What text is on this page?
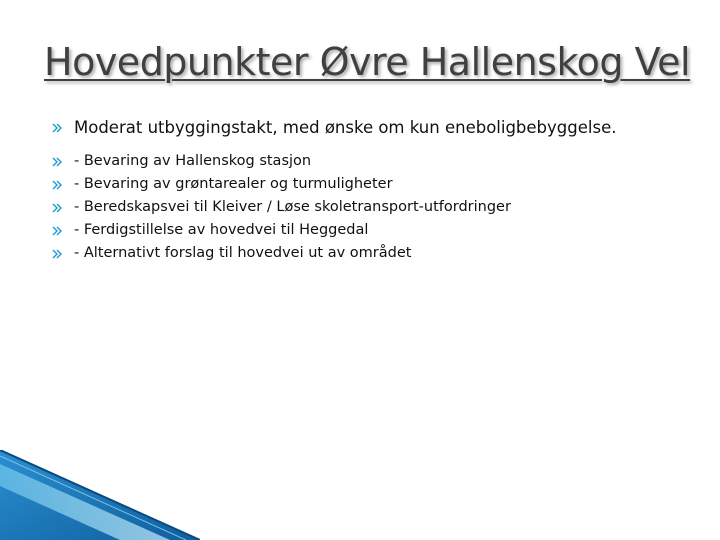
Hovedpunkter Øvre Hallenskog Vel
Moderat utbyggingstakt, med ønske om kun eneboligbebyggelse.
- Bevaring av Hallenskog stasjon
- Bevaring av grøntarealer og turmuligheter
- Beredskapsvei til Kleiver / Løse skoletransport-utfordringer
- Ferdigstillelse av hovedvei til Heggedal
- Alternativt forslag til hovedvei ut av området
